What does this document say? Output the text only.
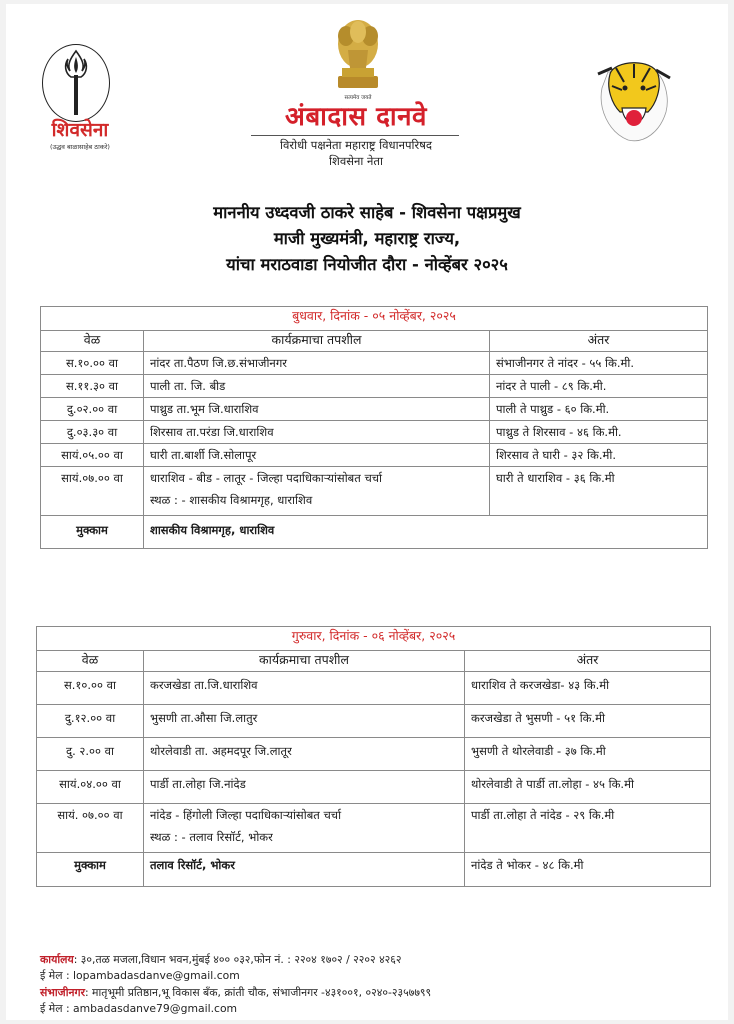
शिवसेना
(उद्धव बाळासाहेब ठाकरे)
सत्यमेव जयते
अंबादास दानवे
विरोधी पक्षनेता महाराष्ट्र विधानपरिषद
शिवसेना नेता
माननीय उध्दवजी ठाकरे साहेब - शिवसेना पक्षप्रमुख
माजी मुख्यमंत्री, महाराष्ट्र राज्य,
यांचा मराठवाडा नियोजीत दौरा - नोव्हेंबर २०२५
बुधवार, दिनांक - ०५ नोव्हेंबर, २०२५		
वेळ	कार्यक्रमाचा तपशील	अंतर
स.१०.०० वा	नांदर ता.पैठण जि.छ.संभाजीनगर	संभाजीनगर ते नांदर - ५५ कि.मी.
स.११.३० वा	पाली ता. जि. बीड	नांदर ते पाली - ८९ कि.मी.
दु.०२.०० वा	पाथ्रुड ता.भूम जि.धाराशिव	पाली ते पाथ्रुड - ६० कि.मी.
दु.०३.३० वा	शिरसाव ता.परंडा जि.धाराशिव	पाथ्रुड ते शिरसाव - ४६ कि.मी.
सायं.०५.०० वा	घारी ता.बार्शी जि.सोलापूर	शिरसाव ते घारी - ३२ कि.मी.
सायं.०७.०० वा	धाराशिव - बीड - लातूर - जिल्हा पदाधिकाऱ्यांसोबत चर्चा
स्थळ : - शासकीय विश्रामगृह, धाराशिव	घारी ते धाराशिव - ३६ कि.मी
मुक्काम	शासकीय विश्रामगृह, धाराशिव	
गुरुवार, दिनांक - ०६ नोव्हेंबर, २०२५		
वेळ	कार्यक्रमाचा तपशील	अंतर
स.१०.०० वा	करजखेडा ता.जि.धाराशिव	धाराशिव ते करजखेडा- ४३ कि.मी
दु.१२.०० वा	भुसणी ता.औसा जि.लातुर	करजखेडा ते भुसणी - ५१ कि.मी
दु. २.०० वा	थोरलेवाडी ता. अहमदपूर जि.लातूर	भुसणी ते थोरलेवाडी - ३७ कि.मी
सायं.०४.०० वा	पार्डी ता.लोहा जि.नांदेड	थोरलेवाडी ते पार्डी ता.लोहा - ४५ कि.मी
सायं. ०७.०० वा	नांदेड - हिंगोली जिल्हा पदाधिकाऱ्यांसोबत चर्चा
स्थळ : - तलाव रिसॉर्ट, भोकर	पार्डी ता.लोहा ते नांदेड - २९ कि.मी
मुक्काम	तलाव रिसॉर्ट, भोकर	नांदेड ते भोकर - ४८ कि.मी
कार्यालय: ३०,तळ मजला,विधान भवन,मुंबई ४०० ०३२,फोन नं. : २२०४ १७०२ / २२०२ ४२६२
ई मेल : lopambadasdanve@gmail.com
संभाजीनगर: मातृभूमी प्रतिष्ठान,भू विकास बँक, क्रांती चौक, संभाजीनगर -४३१००१, ०२४०-२३५७७९९
ई मेल : ambadasdanve79@gmail.com
